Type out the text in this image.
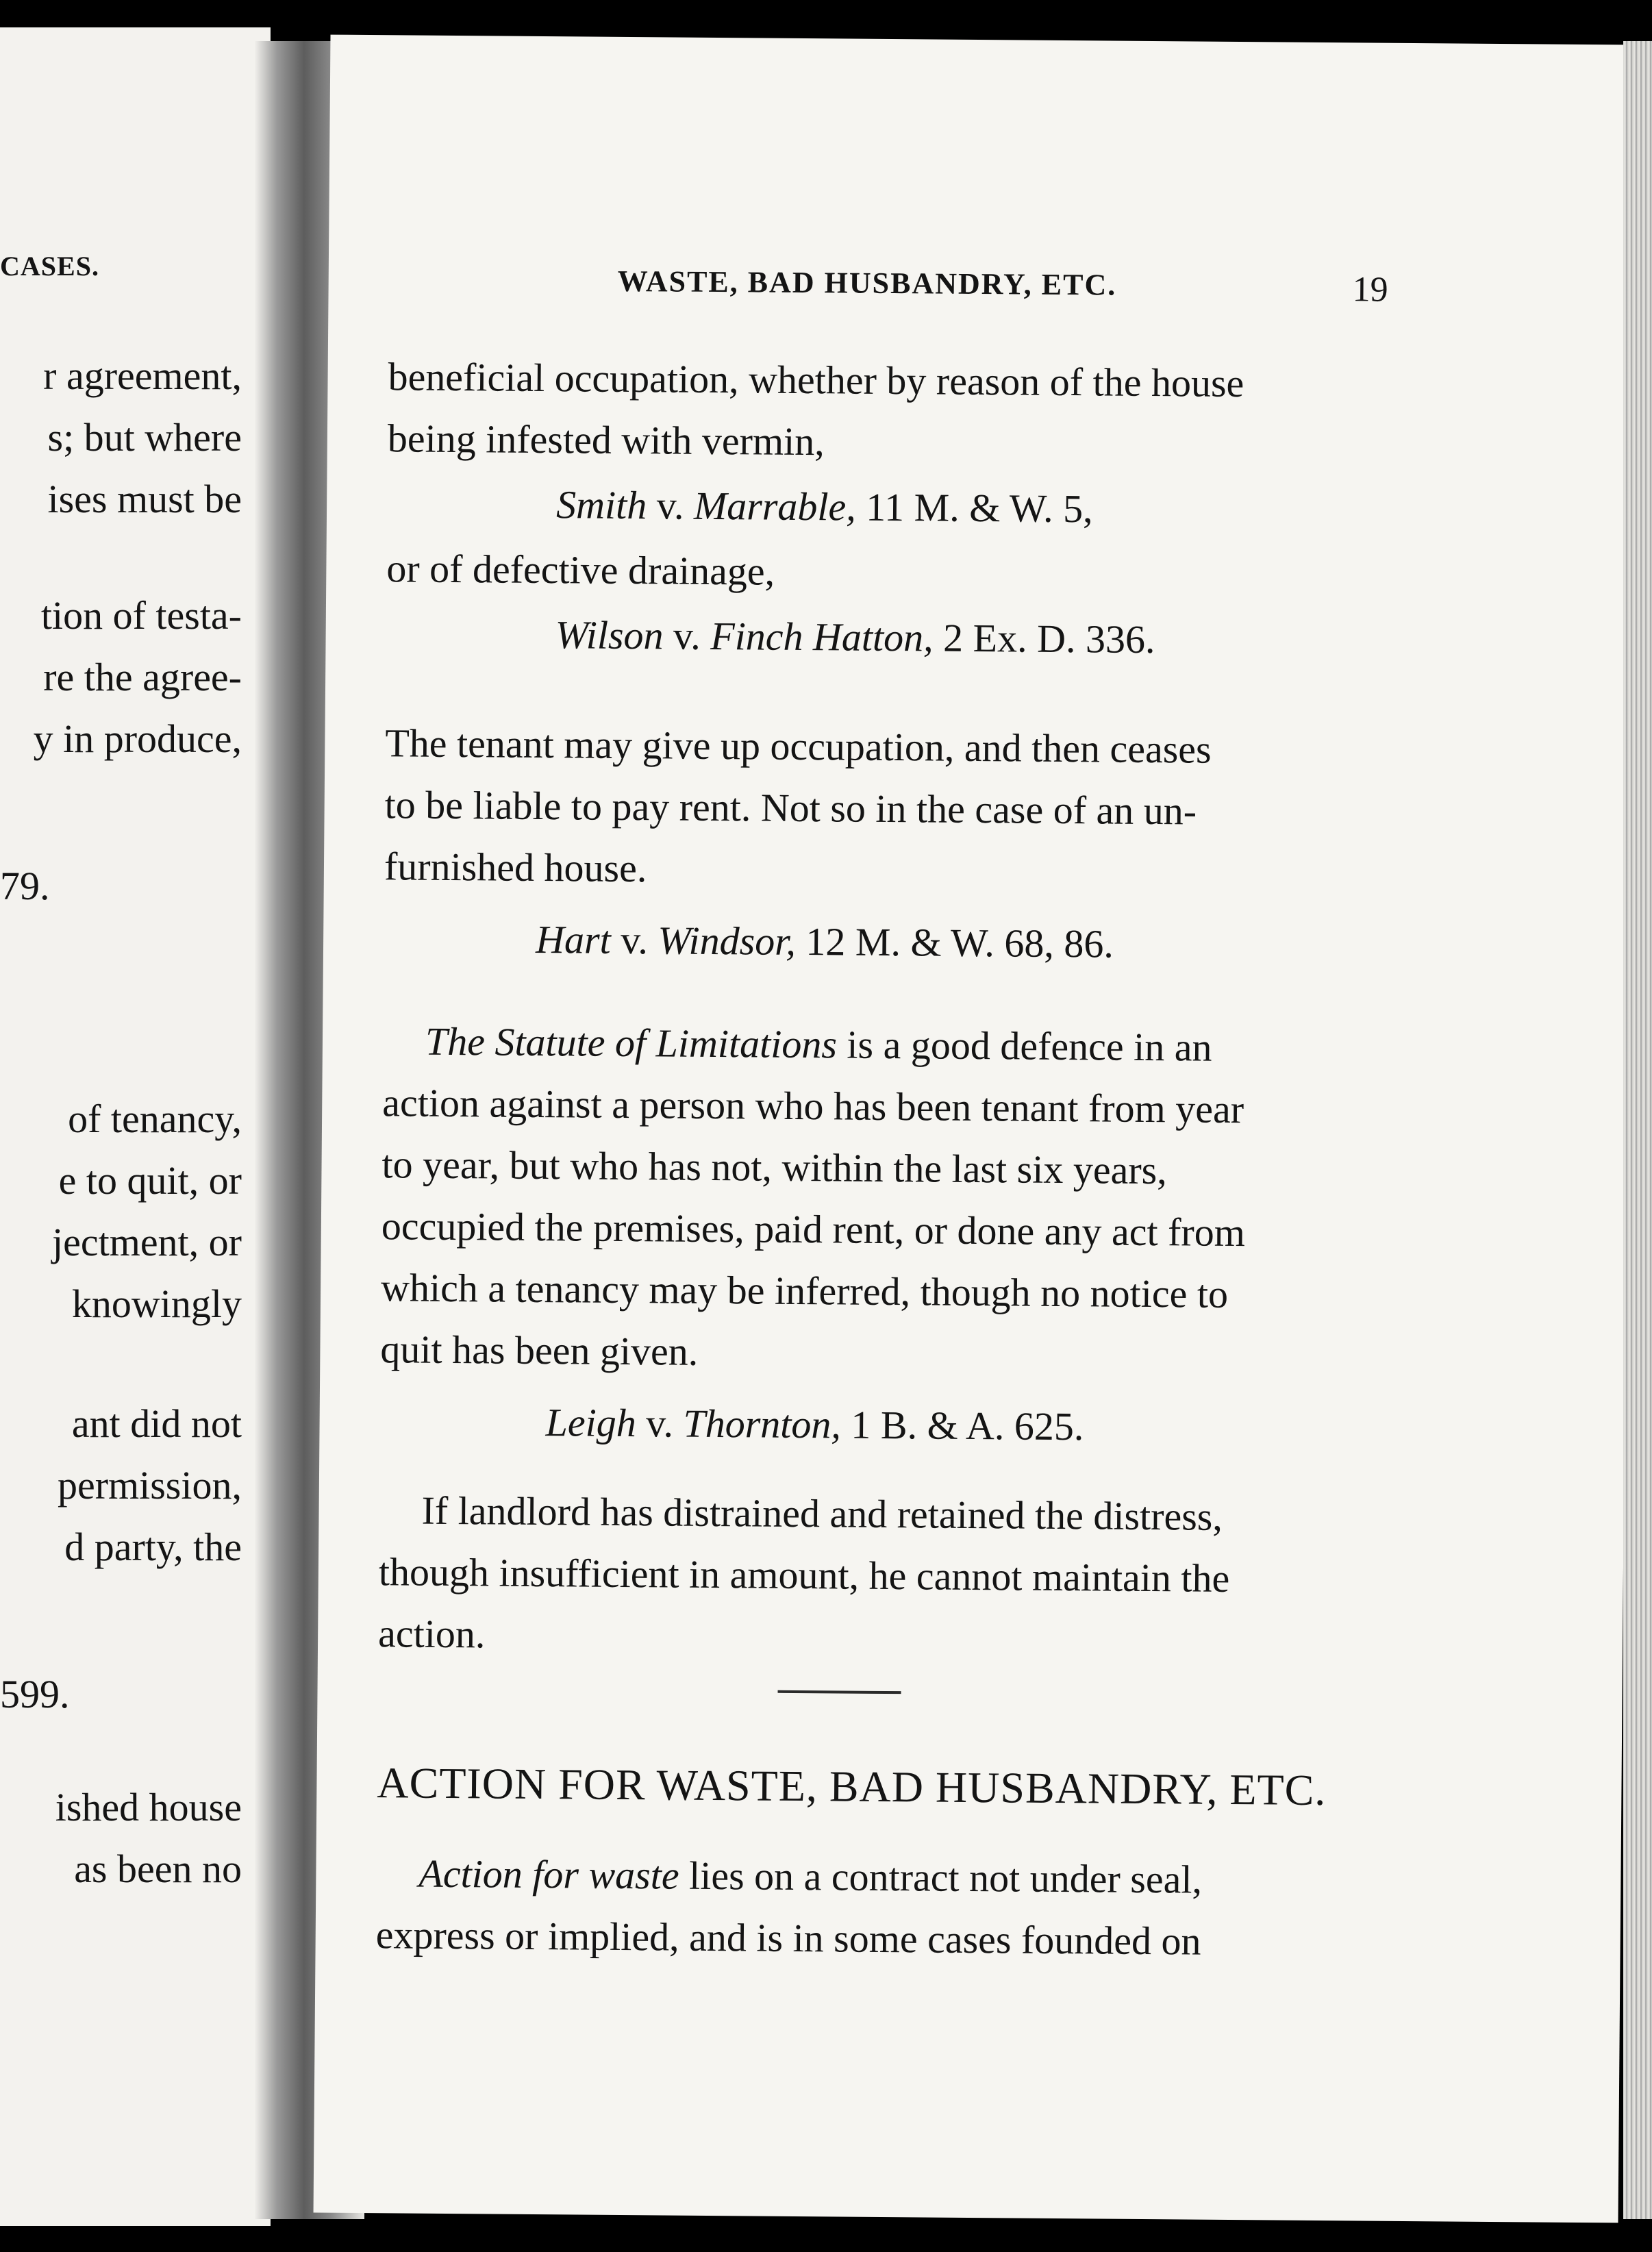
CASES.
r agreement,
s; but where
ises must be
tion of testa-
re the agree-
y in produce,
79.
of tenancy,
e to quit, or
jectment, or
knowingly
ant did not
permission,
d party, the
599.
ished house
as been no
WASTE, BAD HUSBANDRY, ETC.	19
beneficial occupation, whether by reason of the house
being infested with vermin,
Smith v. Marrable, 11 M. & W. 5,
or of defective drainage,
Wilson v. Finch Hatton, 2 Ex. D. 336.
The tenant may give up occupation, and then ceases
to be liable to pay rent. Not so in the case of an un-
furnished house.
Hart v. Windsor, 12 M. & W. 68, 86.
The Statute of Limitations is a good defence in an
action against a person who has been tenant from year
to year, but who has not, within the last six years,
occupied the premises, paid rent, or done any act from
which a tenancy may be inferred, though no notice to
quit has been given.
Leigh v. Thornton, 1 B. & A. 625.
If landlord has distrained and retained the distress,
though insufficient in amount, he cannot maintain the
action.
ACTION FOR WASTE, BAD HUSBANDRY, ETC.
Action for waste lies on a contract not under seal,
express or implied, and is in some cases founded on
